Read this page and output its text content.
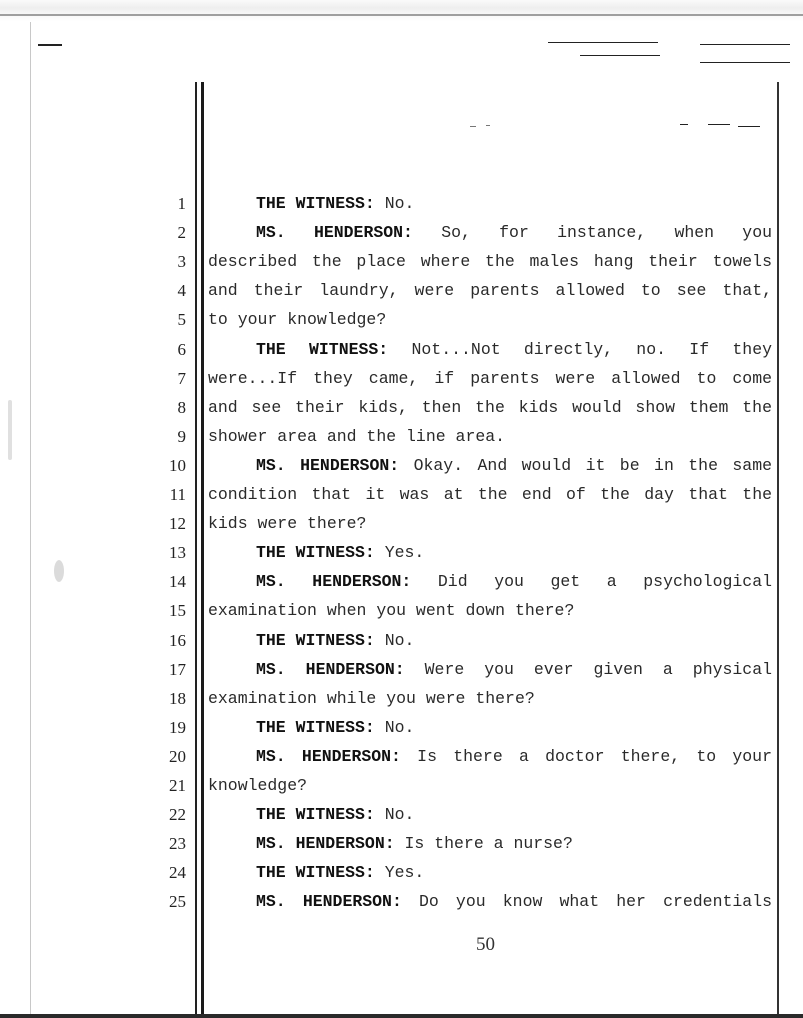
1	THE WITNESS: No.
2	MS. HENDERSON: So, for instance, when you
3 described the place where the males hang their towels
4 and their laundry, were parents allowed to see that,
5 to your knowledge?
6	THE WITNESS: Not...Not directly, no. If they
7 were...If they came, if parents were allowed to come
8 and see their kids, then the kids would show them the
9 shower area and the line area.
10	MS. HENDERSON: Okay. And would it be in the same
11 condition that it was at the end of the day that the
12 kids were there?
13	THE WITNESS: Yes.
14	MS. HENDERSON: Did you get a psychological
15 examination when you went down there?
16	THE WITNESS: No.
17	MS. HENDERSON: Were you ever given a physical
18 examination while you were there?
19	THE WITNESS: No.
20	MS. HENDERSON: Is there a doctor there, to your
21 knowledge?
22	THE WITNESS: No.
23	MS. HENDERSON: Is there a nurse?
24	THE WITNESS: Yes.
25	MS. HENDERSON: Do you know what her credentials
50
